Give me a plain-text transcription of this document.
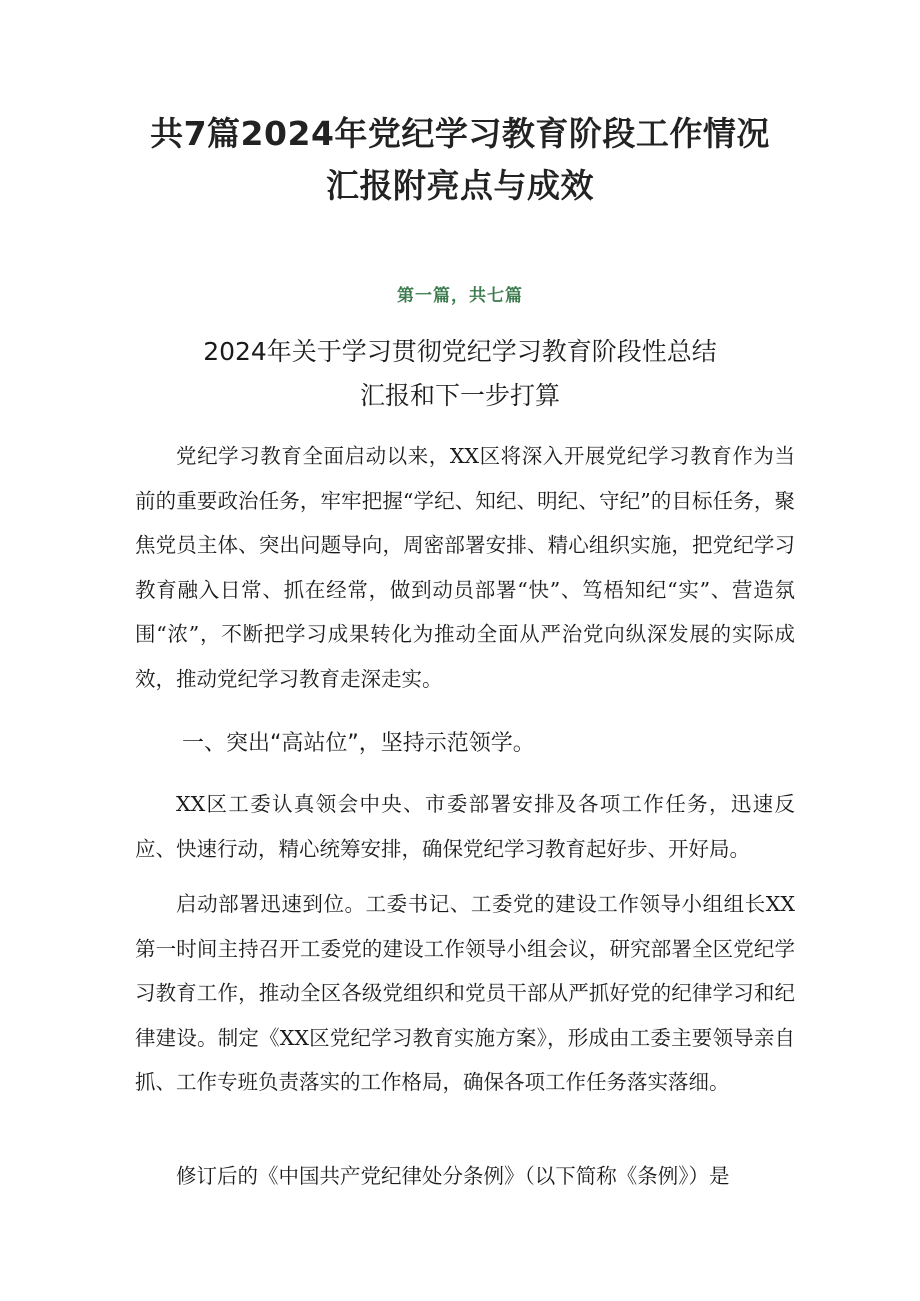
共7篇2024年党纪学习教育阶段工作情况
汇报附亮点与成效
第一篇，共七篇
2024年关于学习贯彻党纪学习教育阶段性总结
汇报和下一步打算

党纪学习教育全面启动以来，XX区将深入开展党纪学习教育作为当前的重要政治任务，牢牢把握“学纪、知纪、明纪、守纪”的目标任务，聚焦党员主体、突出问题导向，周密部署安排、精心组织实施，把党纪学习教育融入日常、抓在经常，做到动员部署“快”、笃梧知纪“实”、营造氛围“浓”，不断把学习成果转化为推动全面从严治党向纵深发展的实际成效，推动党纪学习教育走深走实。

一、突出“高站位”，坚持示范领学。

XX区工委认真领会中央、市委部署安排及各项工作任务，迅速反应、快速行动，精心统筹安排，确保党纪学习教育起好步、开好局。

启动部署迅速到位。工委书记、工委党的建设工作领导小组组长XX第一时间主持召开工委党的建设工作领导小组会议，研究部署全区党纪学习教育工作，推动全区各级党组织和党员干部从严抓好党的纪律学习和纪律建设。制定《XX区党纪学习教育实施方案》，形成由工委主要领导亲自抓、工作专班负责落实的工作格局，确保各项工作任务落实落细。

修订后的《中国共产党纪律处分条例》（以下简称《条例》）是
